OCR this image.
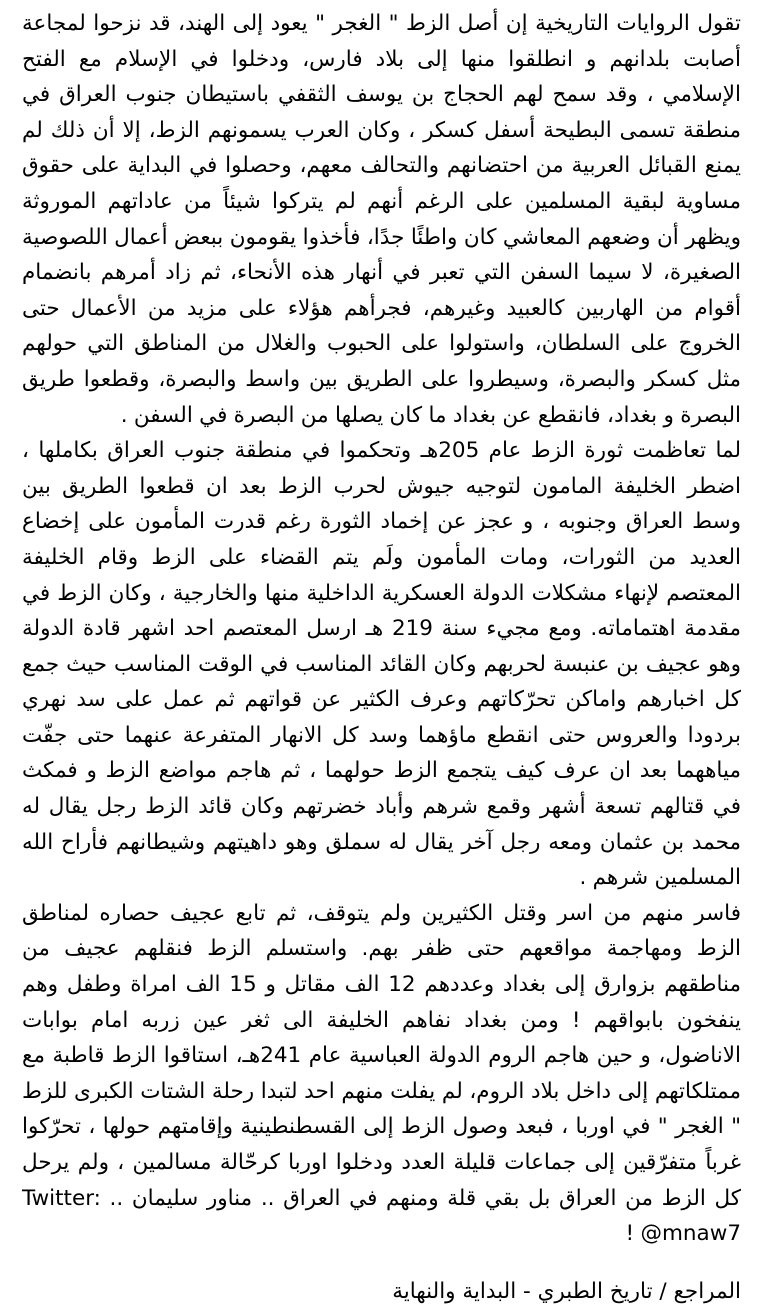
تقول الروايات التاريخية إن أصل الزط " الغجر " يعود إلى الهند، قد نزحوا لمجاعة أصابت بلدانهم و انطلقوا منها إلى بلاد فارس، ودخلوا في الإسلام مع الفتح الإسلامي ، وقد سمح لهم الحجاج بن يوسف الثقفي باستيطان جنوب العراق في منطقة تسمى البطيحة أسفل كسكر ، وكان العرب يسمونهم الزط، إلا أن ذلك لم يمنع القبائل العربية من احتضانهم والتحالف معهم، وحصلوا في البداية على حقوق مساوية لبقية المسلمين على الرغم أنهم لم يتركوا شيئاً من عاداتهم الموروثة ويظهر أن وضعهم المعاشي كان واطئًا جدًا، فأخذوا يقومون ببعض أعمال اللصوصية الصغيرة، لا سيما السفن التي تعبر في أنهار هذه الأنحاء، ثم زاد أمرهم بانضمام أقوام من الهاربين كالعبيد وغيرهم، فجرأهم هؤلاء على مزيد من الأعمال حتى الخروج على السلطان، واستولوا على الحبوب والغلال من المناطق التي حولهم مثل كسكر والبصرة، وسيطروا على الطريق بين واسط والبصرة، وقطعوا طريق البصرة و بغداد، فانقطع عن بغداد ما كان يصلها من البصرة في السفن .

لما تعاظمت ثورة الزط عام 205هـ وتحكموا في منطقة جنوب العراق بكاملها ، اضطر الخليفة المامون لتوجيه جيوش لحرب الزط بعد ان قطعوا الطريق بين وسط العراق وجنوبه ، و عجز عن إخماد الثورة رغم قدرت المأمون على إخضاع العديد من الثورات، ومات المأمون ولَم يتم القضاء على الزط وقام الخليفة المعتصم لإنهاء مشكلات الدولة العسكرية الداخلية منها والخارجية ، وكان الزط في مقدمة اهتماماته. ومع مجيء سنة 219 هـ ارسل المعتصم احد اشهر قادة الدولة وهو عجيف بن عنبسة لحربهم وكان القائد المناسب في الوقت المناسب حيث جمع كل اخبارهم واماكن تحرّكاتهم وعرف الكثير عن قواتهم ثم عمل على سد نهري بردودا والعروس حتى انقطع ماؤهما وسد كل الانهار المتفرعة عنهما حتى جفّت مياههما بعد ان عرف كيف يتجمع الزط حولهما ، ثم هاجم مواضع الزط و فمكث في قتالهم تسعة أشهر وقمع شرهم وأباد خضرتهم وكان قائد الزط رجل يقال له محمد بن عثمان ومعه رجل آخر يقال له سملق وهو داهيتهم وشيطانهم فأراح الله المسلمين شرهم .

فاسر منهم من اسر وقتل الكثيرين ولم يتوقف، ثم تابع عجيف حصاره لمناطق الزط ومهاجمة مواقعهم حتى ظفر بهم. واستسلم الزط فنقلهم عجيف من مناطقهم بزوارق إلى بغداد وعددهم 12 الف مقاتل و 15 الف امراة وطفل وهم ينفخون بابواقهم ! ومن بغداد نفاهم الخليفة الى ثغر عين زربه امام بوابات الاناضول، و حين هاجم الروم الدولة العباسية عام 241هـ، استاقوا الزط قاطبة مع ممتلكاتهم إلى داخل بلاد الروم، لم يفلت منهم احد لتبدا رحلة الشتات الكبرى للزط " الغجر " في اوربا ، فبعد وصول الزط إلى القسطنطينية وإقامتهم حولها ، تحرّكوا غرباً متفرّقين إلى جماعات قليلة العدد ودخلوا اوربا كرحّالة مسالمين ، ولم يرحل كل الزط من العراق بل بقي قلة ومنهم في العراق .. مناور سليمان .. Twitter: @mnaw7 !

المراجع / تاريخ الطبري - البداية والنهاية
